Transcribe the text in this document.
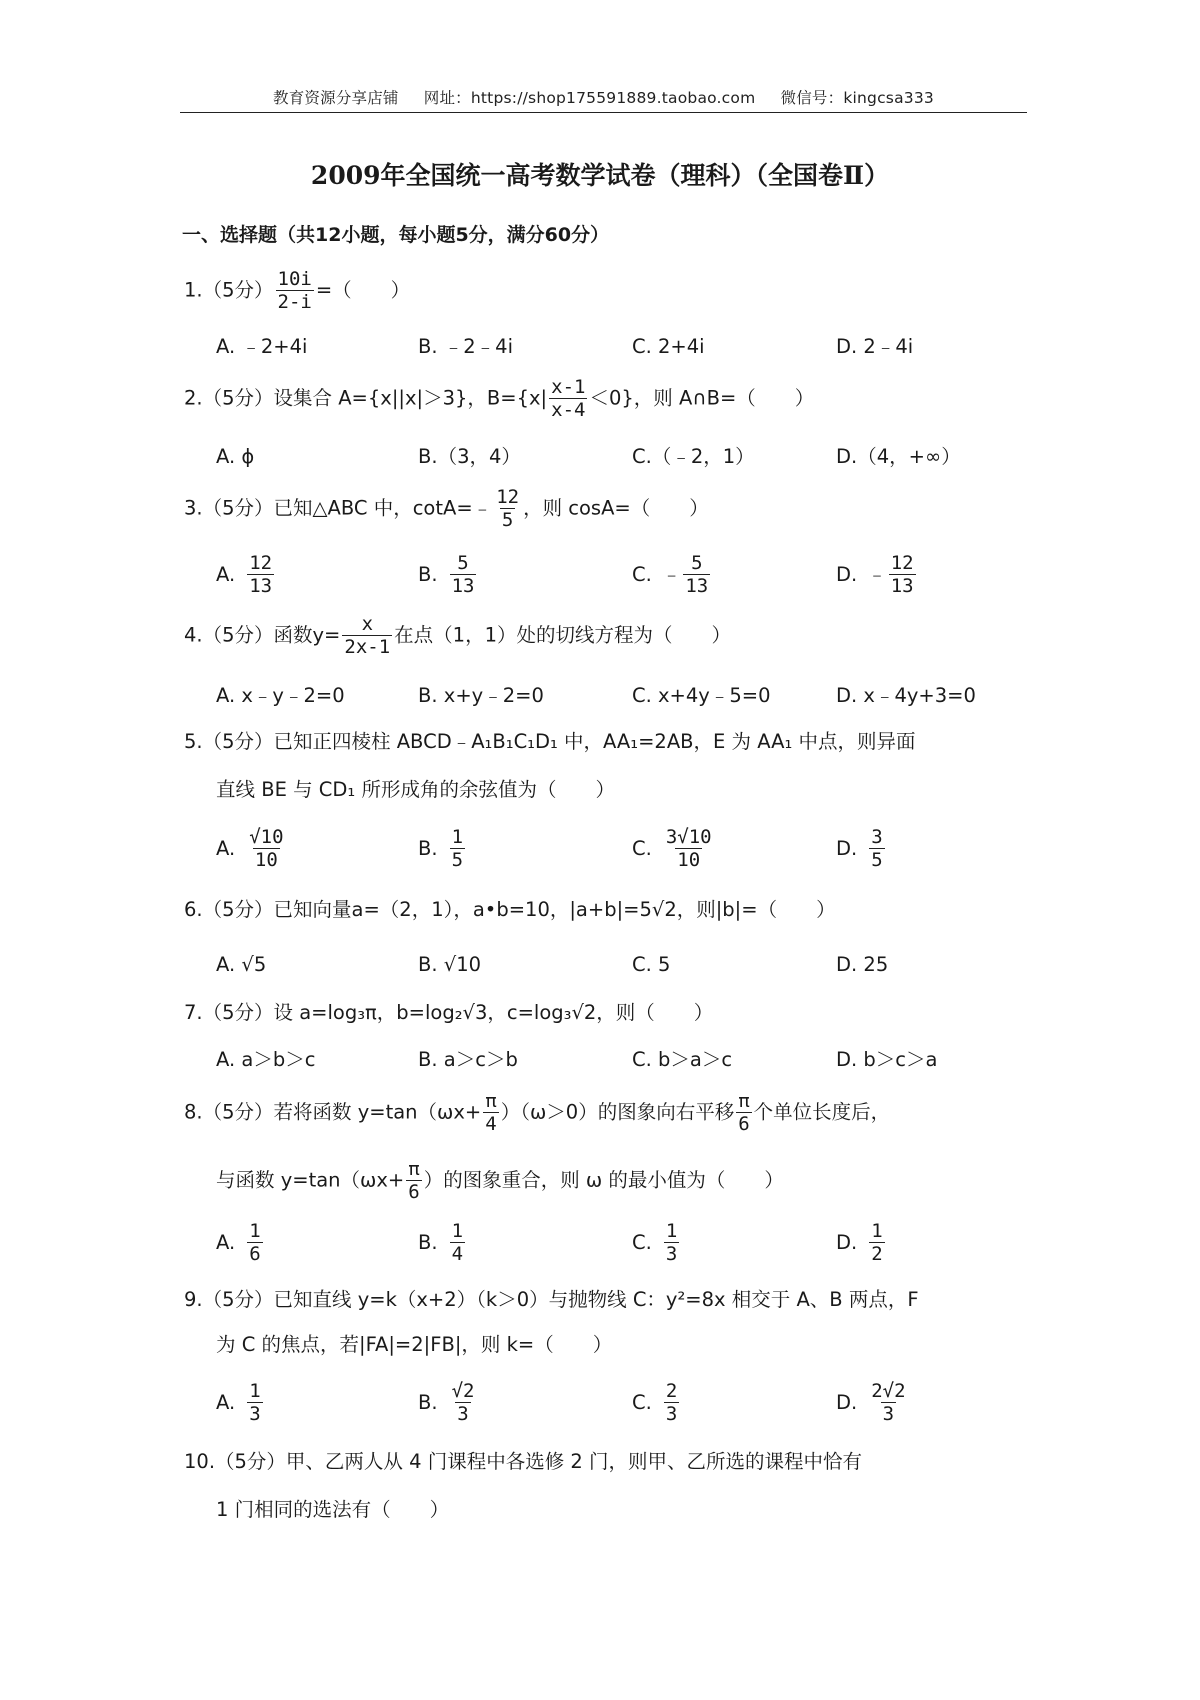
教育资源分享店铺 网址：https://shop175591889.taobao.com 微信号：kingcsa333
2009年全国统一高考数学试卷（理科）（全国卷Ⅱ）
一、选择题（共12小题，每小题5分，满分60分）
1.（5分） $\frac{10i}{2-i}$ =（　　）
A. ﹣2+4i	B. ﹣2﹣4i	C. 2+4i	D. 2﹣4i
2.（5分）设集合 A={x||x|＞3}，$B=\{x| \frac{x-1}{x-4} <0\}$，则 A∩B=（　　）
A. ϕ	B.（3，4）	C.（﹣2，1）	D.（4，+∞）
3.（5分）已知△ABC 中，cotA=﹣ $\frac{12}{5}$ ，则 cosA=（　　）
A. $\frac{12}{13}$	B. $\frac{5}{13}$	C. ﹣ $\frac{5}{13}$	D. ﹣ $\frac{12}{13}$
4.（5分）函数$y= \frac{x}{2x-1}$ 在点（1，1）处的切线方程为（　　）
A. x﹣y﹣2=0	B. x+y﹣2=0	C. x+4y﹣5=0	D. x﹣4y+3=0
5.（5分）已知正四棱柱 ABCD﹣A₁B₁C₁D₁ 中，AA₁=2AB，E 为 AA₁ 中点，则异面
直线 BE 与 CD₁ 所形成角的余弦值为（　　）
A. $\frac{√10}{10}$	B. $\frac{1}{5}$	C. $\frac{3√10}{10}$	D. $\frac{3}{5}$
6.（5分）已知向量a=（2，1），a•b=10，|a+b|=5√2，则|b|=（　　）
A. √5	B. √10	C. 5	D. 25
7.（5分）设 a=log₃π，b=log₂√3，c=log₃√2，则（　　）
A. a＞b＞c	B. a＞c＞b	C. b＞a＞c	D. b＞c＞a
8.（5分）若将函数 $y=\tan(\omega x+ \frac{\pi}{4} )(\omega>0)$的图象向右平移 $\frac{\pi}{6}$ 个单位长度后，
与函数 $y=\tan(\omega x+ \frac{\pi}{6}$ ）的图象重合，则 ω 的最小值为（　　）
A. $\frac{1}{6}$	B. $\frac{1}{4}$	C. $\frac{1}{3}$	D. $\frac{1}{2}$
9.（5分）已知直线 y=k（x+2）（k＞0）与抛物线 C：y²=8x 相交于 A、B 两点，F
为 C 的焦点，若|FA|=2|FB|，则 k=（　　）
A. $\frac{1}{3}$	B. $\frac{√2}{3}$	C. $\frac{2}{3}$	D. $\frac{2√2}{3}$
10.（5分）甲、乙两人从 4 门课程中各选修 2 门，则甲、乙所选的课程中恰有
1 门相同的选法有（　　）
